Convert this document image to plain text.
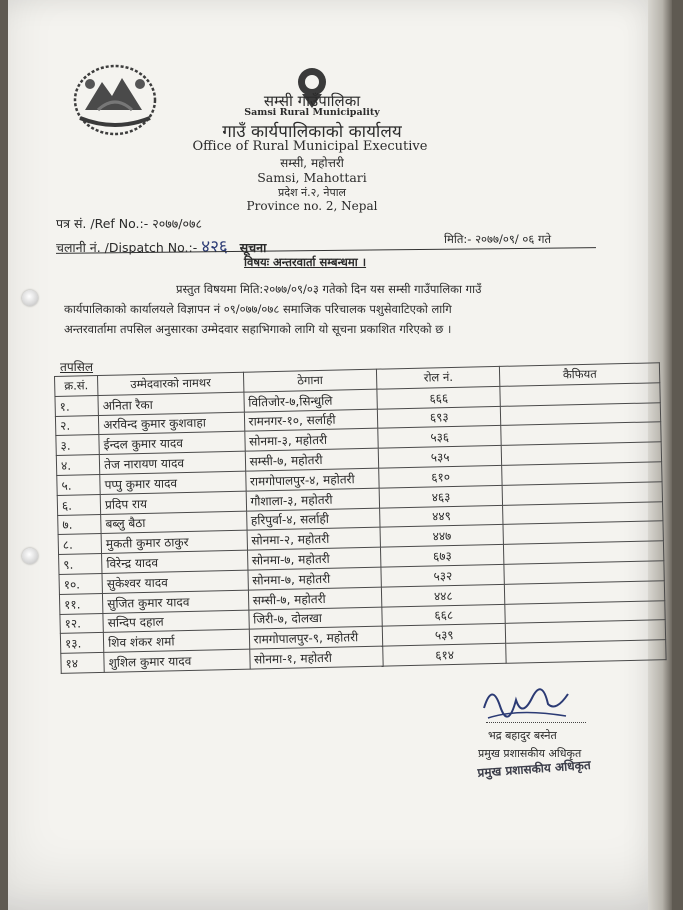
सम्सी गाउँपालिका
Samsi Rural Municipality
गाउँ कार्यपालिकाको कार्यालय
Office of Rural Municipal Executive
सम्सी, महोत्तरी
Samsi, Mahottari
प्रदेश नं.२, नेपाल
Province no. 2, Nepal
पत्र सं. /Ref No.:- २०७७/०७८
चलानी नं. /Dispatch No.:- ४२६ सूचना
मिति:- २०७७/०९/ ०६ गते
विषयः अन्तरवार्ता सम्बन्धमा ।
प्रस्तुत विषयमा मिति:२०७७/०९/०३ गतेको दिन यस सम्सी गाउँपालिका गाउँ
कार्यपालिकाको कार्यालयले विज्ञापन नं ०९/०७७/०७८ समाजिक परिचालक पशुसेवाटिएको लागि
अन्तरवार्तामा तपसिल अनुसारका उम्मेदवार सहाभिगाको लागि यो सूचना प्रकाशित गरिएको छ ।
तपसिल
क्र.सं.	उम्मेदवारको नामथर	ठेगाना	रोल नं.	कैफियत
१.	अनिता रैका	वितिजोर-७,सिन्धुलि	६६६	
२.	अरविन्द कुमार कुशवाहा	रामनगर-१०, सर्लाही	६९३	
३.	ईन्दल कुमार यादव	सोनमा-३, महोतरी	५३६	
४.	तेज नारायण यादव	सम्सी-७, महोतरी	५३५	
५.	पप्पु कुमार यादव	रामगोपालपुर-४, महोतरी	६१०	
६.	प्रदिप राय	गौशाला-३, महोतरी	४६३	
७.	बब्लु बैठा	हरिपुर्वा-४, सर्लाही	४४९	
८.	मुकती कुमार ठाकुर	सोनमा-२, महोतरी	४४७	
९.	विरेन्द्र यादव	सोनमा-७, महोतरी	६७३	
१०.	सुकेश्वर यादव	सोनमा-७, महोतरी	५३२	
११.	सुजित कुमार यादव	सम्सी-७, महोतरी	४४८	
१२.	सन्दिप दहाल	जिरी-७, दोलखा	६६८	
१३.	शिव शंकर शर्मा	रामगोपालपुर-९, महोतरी	५३९	
१४	शुशिल कुमार यादव	सोनमा-१, महोतरी	६१४	
भद्र बहादुर बस्नेत
प्रमुख प्रशासकीय अधिकृत
प्रमुख प्रशासकीय अधिकृत
